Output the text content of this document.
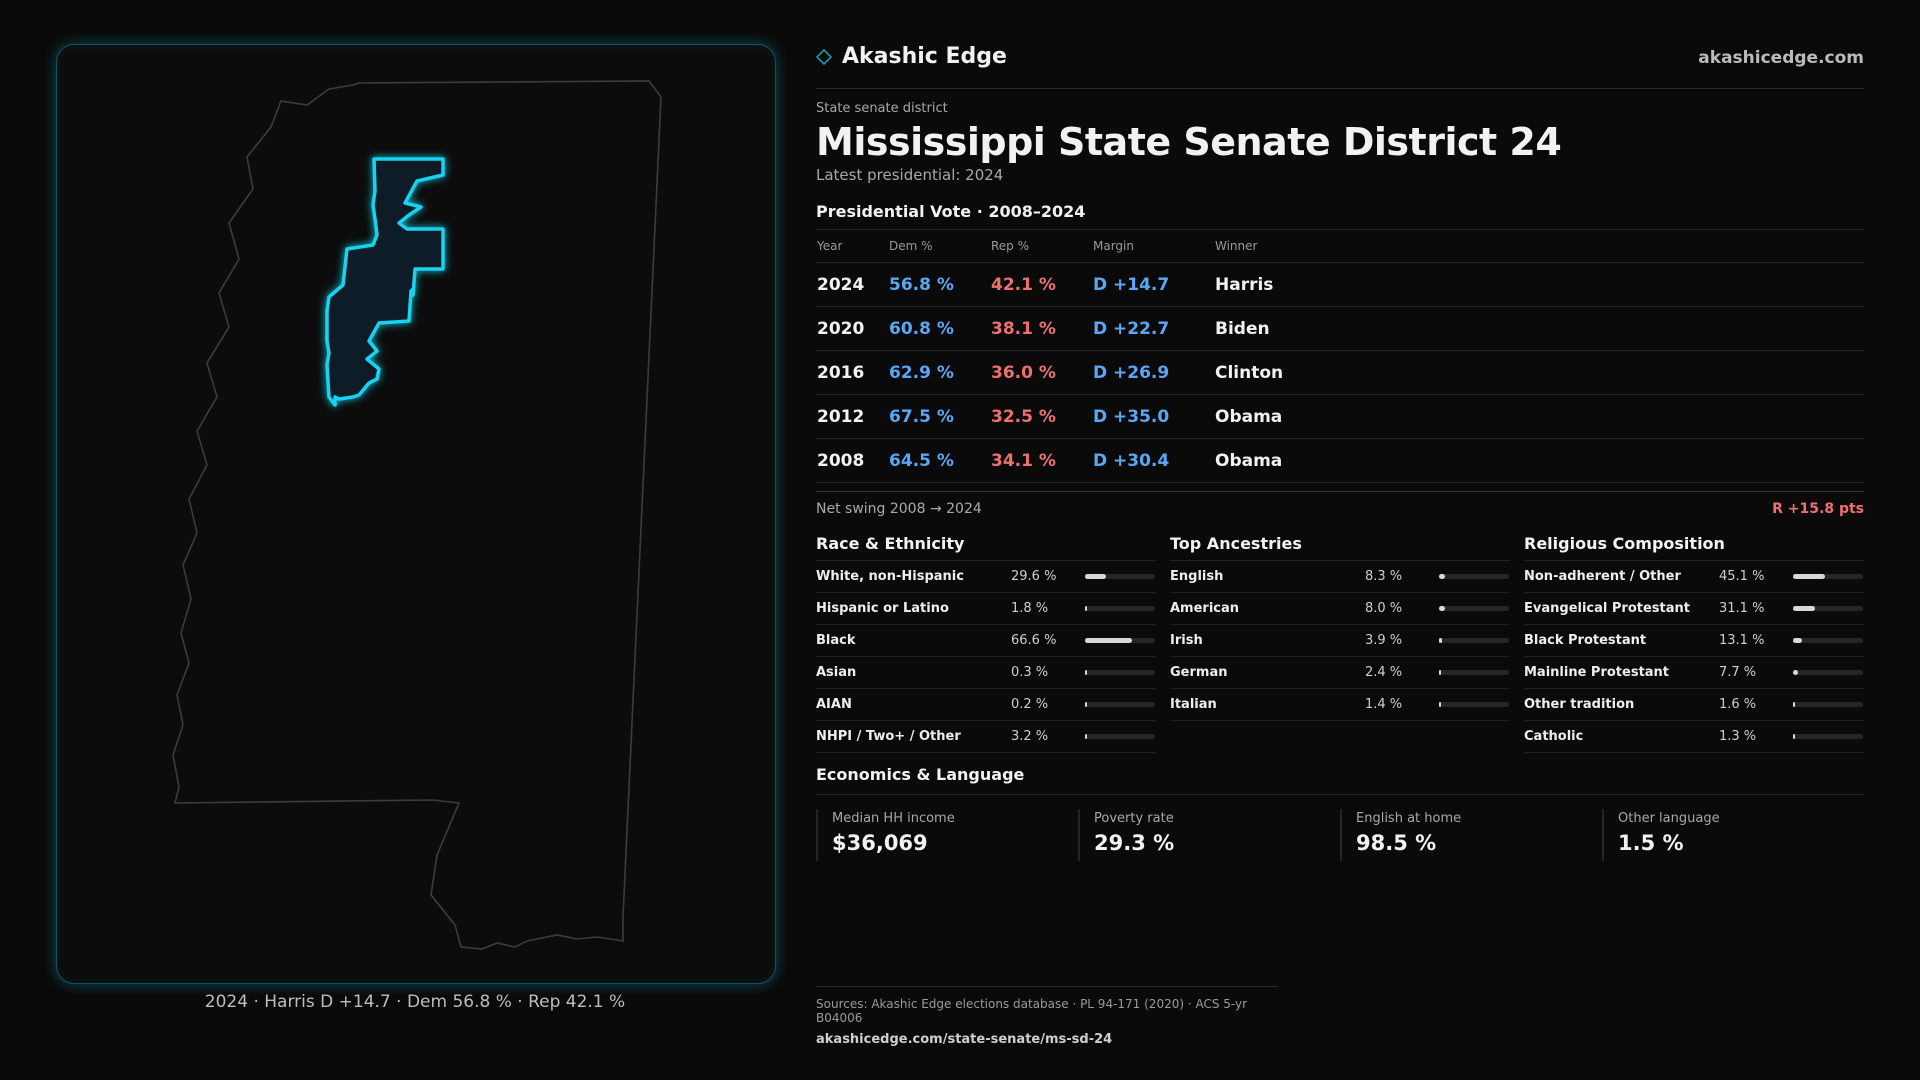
2024 · Harris D +14.7 · Dem 56.8 % · Rep 42.1 %
Akashic Edge	akashicedge.com
State senate district
Mississippi State Senate District 24
Latest presidential: 2024
Presidential Vote · 2008–2024
Year	Dem %	Rep %	Margin	Winner
2024	56.8 %	42.1 %	D +14.7	Harris
2020	60.8 %	38.1 %	D +22.7	Biden
2016	62.9 %	36.0 %	D +26.9	Clinton
2012	67.5 %	32.5 %	D +35.0	Obama
2008	64.5 %	34.1 %	D +30.4	Obama
Net swing 2008 → 2024	R +15.8 pts
Race & Ethnicity
White, non-Hispanic	29.6 %
Hispanic or Latino	1.8 %
Black	66.6 %
Asian	0.3 %
AIAN	0.2 %
NHPI / Two+ / Other	3.2 %
Top Ancestries
English	8.3 %
American	8.0 %
Irish	3.9 %
German	2.4 %
Italian	1.4 %
Religious Composition
Non-adherent / Other	45.1 %
Evangelical Protestant	31.1 %
Black Protestant	13.1 %
Mainline Protestant	7.7 %
Other tradition	1.6 %
Catholic	1.3 %
Economics & Language
Median HH income
$36,069
Poverty rate
29.3 %
English at home
98.5 %
Other language
1.5 %
Sources: Akashic Edge elections database · PL 94-171 (2020) · ACS 5-yr B04006
akashicedge.com/state-senate/ms-sd-24
